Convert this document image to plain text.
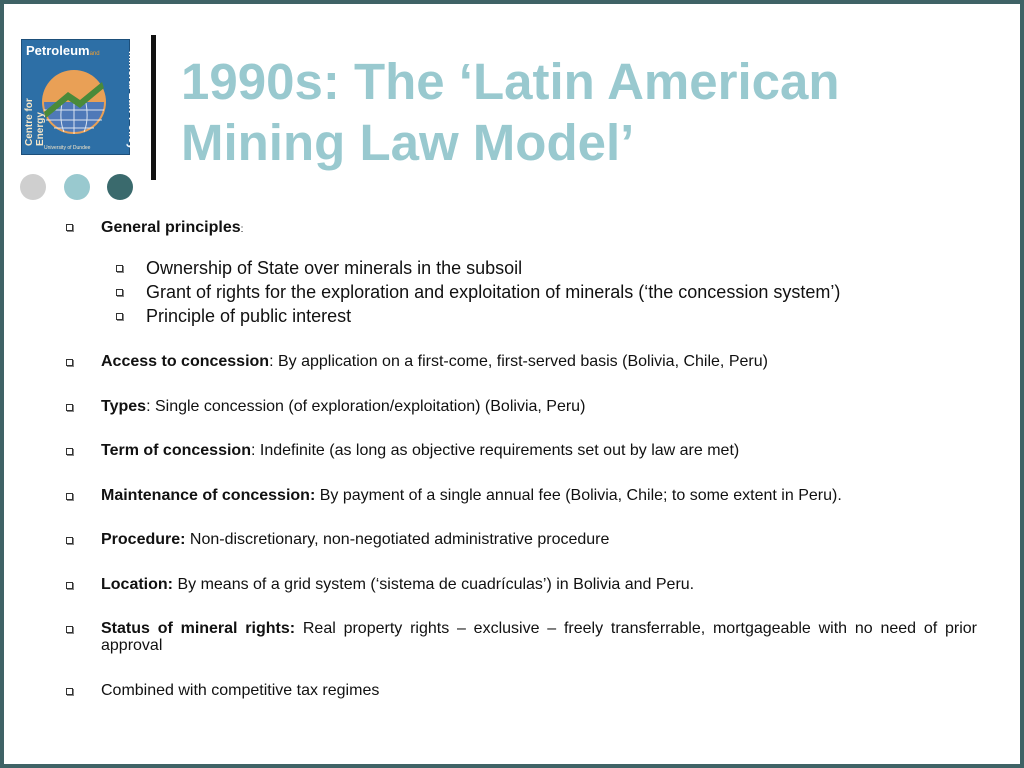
Petroleumand
Centre for Energy	Mineral Law Policy
University of Dundee
1990s: The ‘Latin American
Mining Law Model’
General principles:
Ownership of State over minerals in the subsoil
Grant of rights for the exploration and exploitation of minerals (‘the concession system’)
Principle of public interest
Access to concession: By application on a first-come, first-served basis (Bolivia, Chile, Peru)
Types: Single concession (of exploration/exploitation) (Bolivia, Peru)
Term of concession: Indefinite (as long as objective requirements set out by law are met)
Maintenance of concession: By payment of a single annual fee (Bolivia, Chile; to some extent in Peru).
Procedure: Non-discretionary, non-negotiated administrative procedure
Location: By means of a grid system (‘sistema de cuadrículas’) in Bolivia and Peru.
Status of mineral rights: Real property rights – exclusive – freely transferrable, mortgageable with no need of prior approval
Combined with competitive tax regimes
